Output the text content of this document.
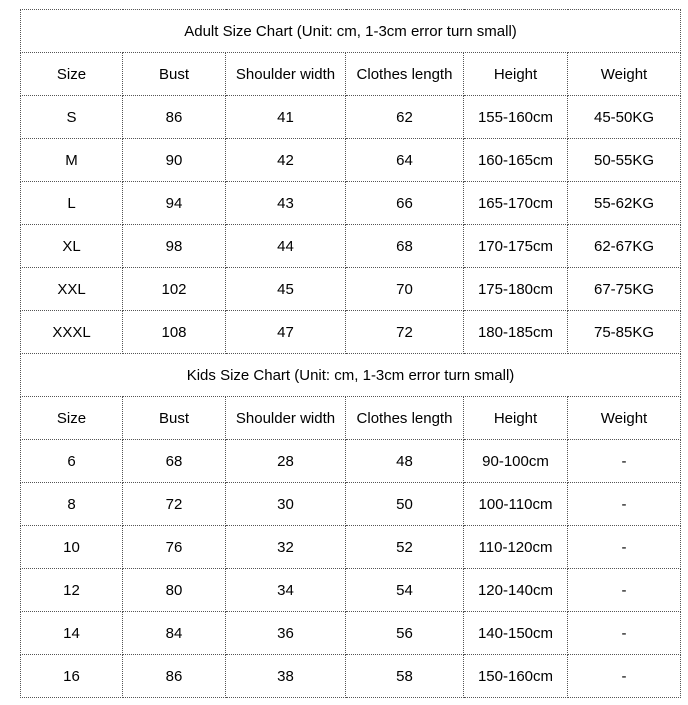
Adult Size Chart (Unit: cm, 1-3cm error turn small)					
Size	Bust	Shoulder width	Clothes length	Height	Weight
S	86	41	62	155-160cm	45-50KG
M	90	42	64	160-165cm	50-55KG
L	94	43	66	165-170cm	55-62KG
XL	98	44	68	170-175cm	62-67KG
XXL	102	45	70	175-180cm	67-75KG
XXXL	108	47	72	180-185cm	75-85KG
Kids Size Chart (Unit: cm, 1-3cm error turn small)					
Size	Bust	Shoulder width	Clothes length	Height	Weight
6	68	28	48	90-100cm	-
8	72	30	50	100-110cm	-
10	76	32	52	110-120cm	-
12	80	34	54	120-140cm	-
14	84	36	56	140-150cm	-
16	86	38	58	150-160cm	-
